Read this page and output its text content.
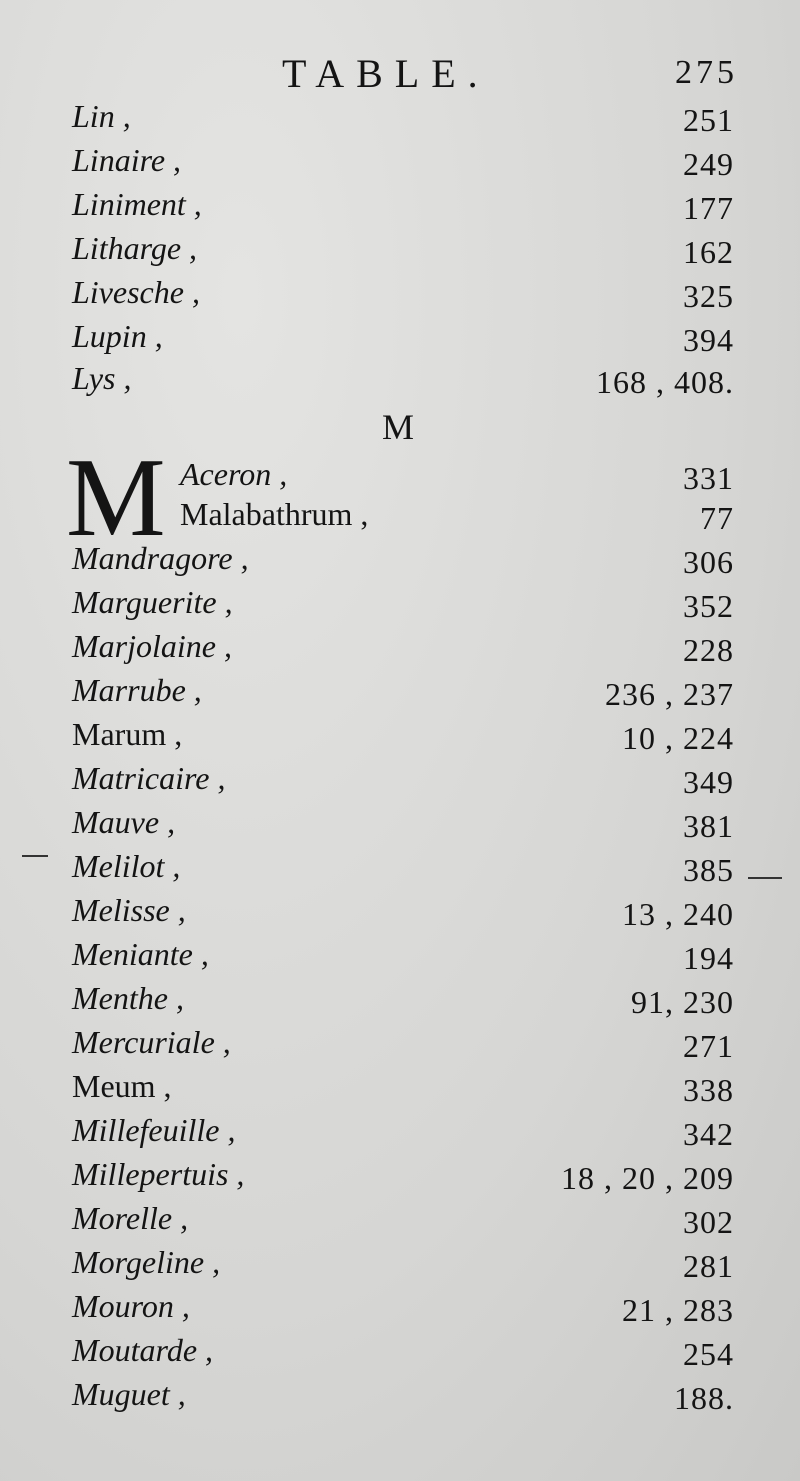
TABLE.	275
Lin ,	251
Linaire ,	249
Liniment ,	177
Litharge ,	162
Livesche ,	325
Lupin ,	394
Lys ,	168 , 408.
M
M Aceron ,	331
Malabathrum ,	77
Mandragore ,	306
Marguerite ,	352
Marjolaine ,	228
Marrube ,	236 , 237
Marum ,	10 , 224
Matricaire ,	349
Mauve ,	381
Melilot ,	385
Melisse ,	13 , 240
Meniante ,	194
Menthe ,	91, 230
Mercuriale ,	271
Meum ,	338
Millefeuille ,	342
Millepertuis ,	18 , 20 , 209
Morelle ,	302
Morgeline ,	281
Mouron ,	21 , 283
Moutarde ,	254
Muguet ,	188.
